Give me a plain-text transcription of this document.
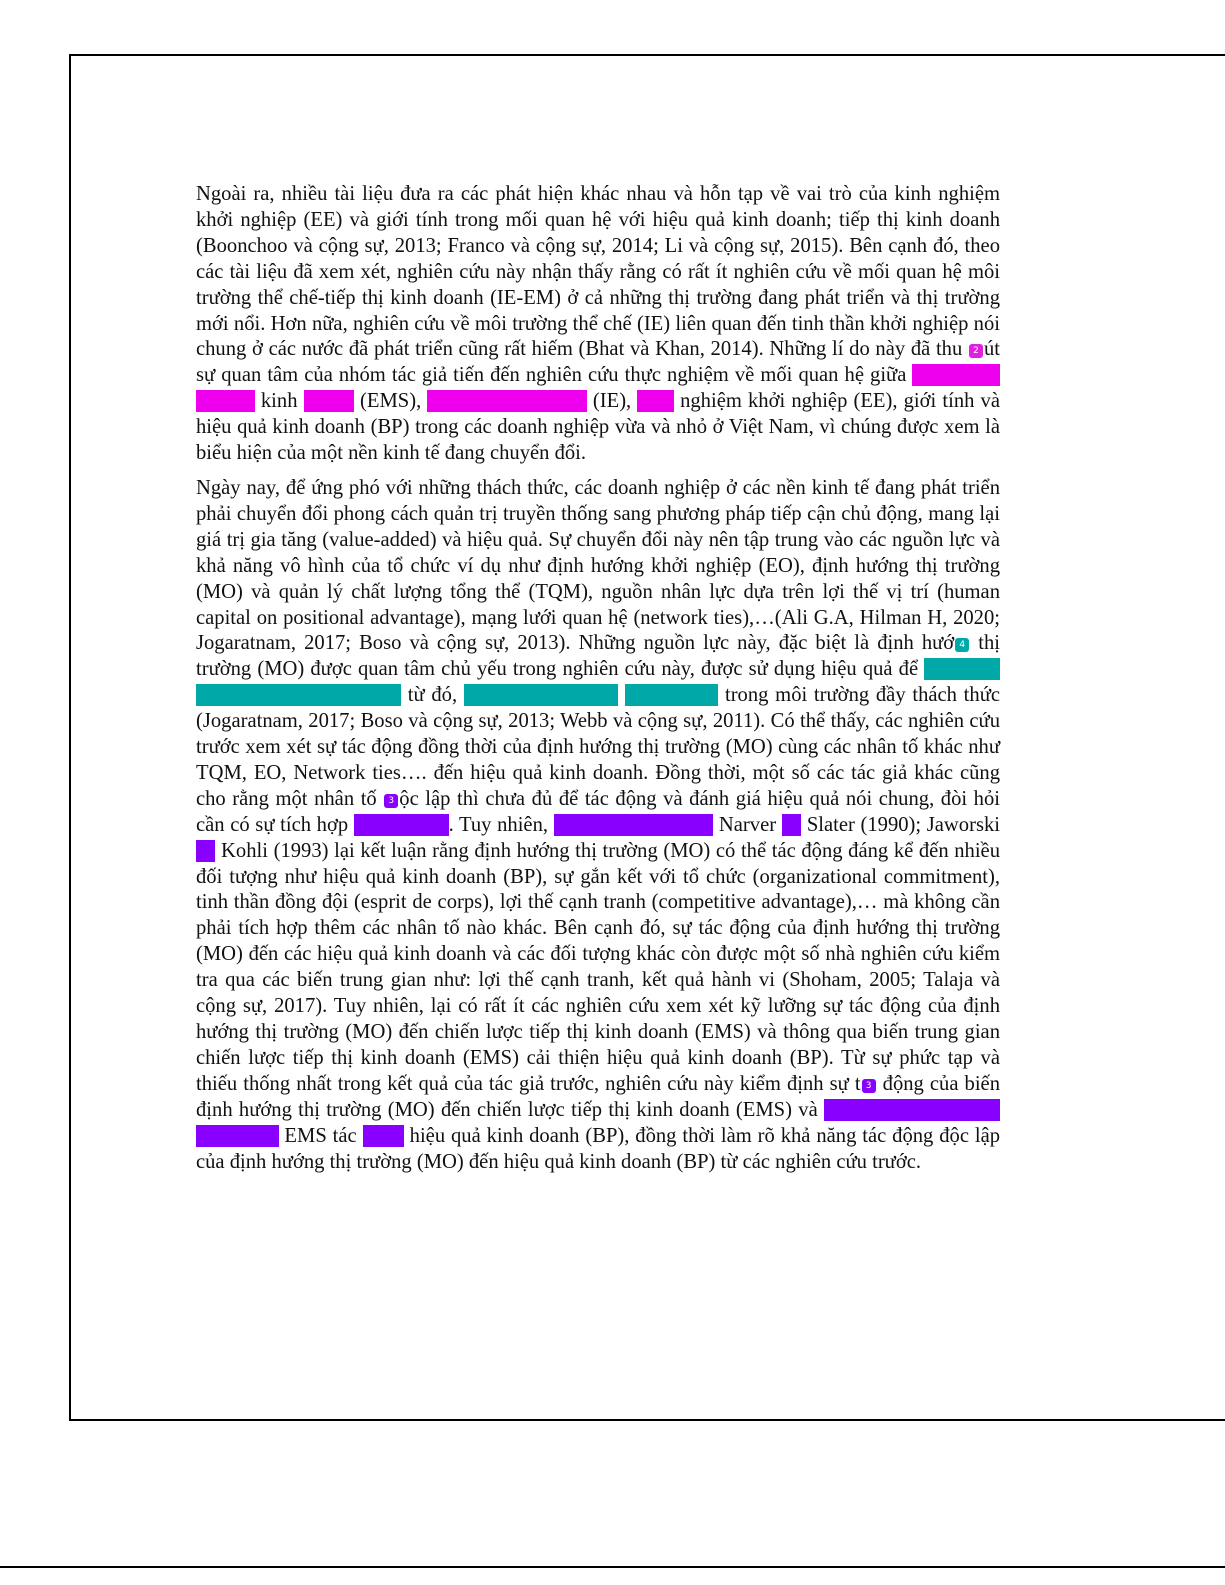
Ngoài ra, nhiều tài liệu đưa ra các phát hiện khác nhau và hỗn tạp về vai trò của kinh nghiệm khởi nghiệp (EE) và giới tính trong mối quan hệ với hiệu quả kinh doanh; tiếp thị kinh doanh (Boonchoo và cộng sự, 2013; Franco và cộng sự, 2014; Li và cộng sự, 2015). Bên cạnh đó, theo các tài liệu đã xem xét, nghiên cứu này nhận thấy rằng có rất ít nghiên cứu về mối quan hệ môi trường thể chế-tiếp thị kinh doanh (IE-EM) ở cả những thị trường đang phát triển và thị trường mới nổi. Hơn nữa, nghiên cứu về môi trường thể chế (IE) liên quan đến tinh thần khởi nghiệp nói chung ở các nước đã phát triển cũng rất hiếm (Bhat và Khan, 2014). Những lí do này đã thu 2 út sự quan tâm của nhóm tác giả tiến đến nghiên cứu thực nghiệm về mối quan hệ giữa kinh (EMS),	(IE), nghiệm khởi nghiệp (EE), giới tính và hiệu quả kinh doanh (BP) trong các doanh nghiệp vừa và nhỏ ở Việt Nam, vì chúng được xem là biểu hiện của một nền kinh tế đang chuyển đổi.

Ngày nay, để ứng phó với những thách thức, các doanh nghiệp ở các nền kinh tế đang phát triển phải chuyển đổi phong cách quản trị truyền thống sang phương pháp tiếp cận chủ động, mang lại giá trị gia tăng (value-added) và hiệu quả. Sự chuyển đổi này nên tập trung vào các nguồn lực và khả năng vô hình của tổ chức ví dụ như định hướng khởi nghiệp (EO), định hướng thị trường (MO) và quản lý chất lượng tổng thể (TQM), nguồn nhân lực dựa trên lợi thế vị trí (human capital on positional advantage), mạng lưới quan hệ (network ties),…(Ali G.A, Hilman H, 2020; Jogaratnam, 2017; Boso và cộng sự, 2013). Những nguồn lực này, đặc biệt là định hướ 4 thị trường (MO) được quan tâm chủ yếu trong nghiên cứu này, được sử dụng hiệu quả để từ đó,	trong môi trường đầy thách thức (Jogaratnam, 2017; Boso và cộng sự, 2013; Webb và cộng sự, 2011). Có thể thấy, các nghiên cứu trước xem xét sự tác động đồng thời của định hướng thị trường (MO) cùng các nhân tố khác như TQM, EO, Network ties…. đến hiệu quả kinh doanh. Đồng thời, một số các tác giả khác cũng cho rằng một nhân tố 3 ộc lập thì chưa đủ để tác động và đánh giá hiệu quả nói chung, đòi hỏi cần có sự tích hợp	. Tuy nhiên,	Narver Slater (1990); Jaworski Kohli (1993) lại kết luận rằng định hướng thị trường (MO) có thể tác động đáng kể đến nhiều đối tượng như hiệu quả kinh doanh (BP), sự gắn kết với tổ chức (organizational commitment), tinh thần đồng đội (esprit de corps), lợi thế cạnh tranh (competitive advantage),… mà không cần phải tích hợp thêm các nhân tố nào khác. Bên cạnh đó, sự tác động của định hướng thị trường (MO) đến các hiệu quả kinh doanh và các đối tượng khác còn được một số nhà nghiên cứu kiểm tra qua các biến trung gian như: lợi thế cạnh tranh, kết quả hành vi (Shoham, 2005; Talaja và cộng sự, 2017). Tuy nhiên, lại có rất ít các nghiên cứu xem xét kỹ lưỡng sự tác động của định hướng thị trường (MO) đến chiến lược tiếp thị kinh doanh (EMS) và thông qua biến trung gian chiến lược tiếp thị kinh doanh (EMS) cải thiện hiệu quả kinh doanh (BP). Từ sự phức tạp và thiếu thống nhất trong kết quả của tác giả trước, nghiên cứu này kiểm định sự t 3 động của biến định hướng thị trường (MO) đến chiến lược tiếp thị kinh doanh (EMS) và EMS tác hiệu quả kinh doanh (BP), đồng thời làm rõ khả năng tác động độc lập của định hướng thị trường (MO) đến hiệu quả kinh doanh (BP) từ các nghiên cứu trước.
